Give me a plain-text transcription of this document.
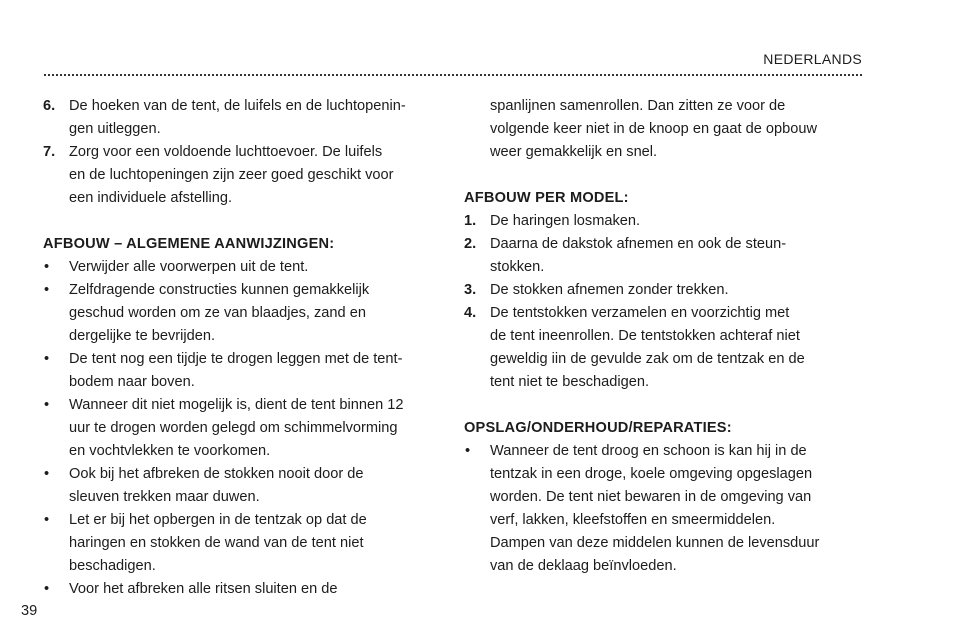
NEDERLANDS
6. De hoeken van de tent, de luifels en de luchtopenin-
gen uitleggen.
7. Zorg voor een voldoende luchttoevoer. De luifels
en de luchtopeningen zijn zeer goed geschikt voor
een individuele afstelling.
AFBOUW – ALGEMENE AANWIJZINGEN:
•	Verwijder alle voorwerpen uit de tent.
•	Zelfdragende constructies kunnen gemakkelijk
geschud worden om ze van blaadjes, zand en
dergelijke te bevrijden.
•	De tent nog een tijdje te drogen leggen met de tent-
bodem naar boven.
•	Wanneer dit niet mogelijk is, dient de tent binnen 12
uur te drogen worden gelegd om schimmelvorming
en vochtvlekken te voorkomen.
•	Ook bij het afbreken de stokken nooit door de
sleuven trekken maar duwen.
•	Let er bij het opbergen in de tentzak op dat de
haringen en stokken de wand van de tent niet
beschadigen.
•	Voor het afbreken alle ritsen sluiten en de
spanlijnen samenrollen. Dan zitten ze voor de
volgende keer niet in de knoop en gaat de opbouw
weer gemakkelijk en snel.
AFBOUW PER MODEL:
1. De haringen losmaken.
2. Daarna de dakstok afnemen en ook de steun-
stokken.
3. De stokken afnemen zonder trekken.
4. De tentstokken verzamelen en voorzichtig met
de tent ineenrollen. De tentstokken achteraf niet
geweldig iin de gevulde zak om de tentzak en de
tent niet te beschadigen.
OPSLAG/ONDERHOUD/REPARATIES:
•	Wanneer de tent droog en schoon is kan hij in de
tentzak in een droge, koele omgeving opgeslagen
worden. De tent niet bewaren in de omgeving van
verf, lakken, kleefstoffen en smeermiddelen.
Dampen van deze middelen kunnen de levensduur
van de deklaag beïnvloeden.
39
